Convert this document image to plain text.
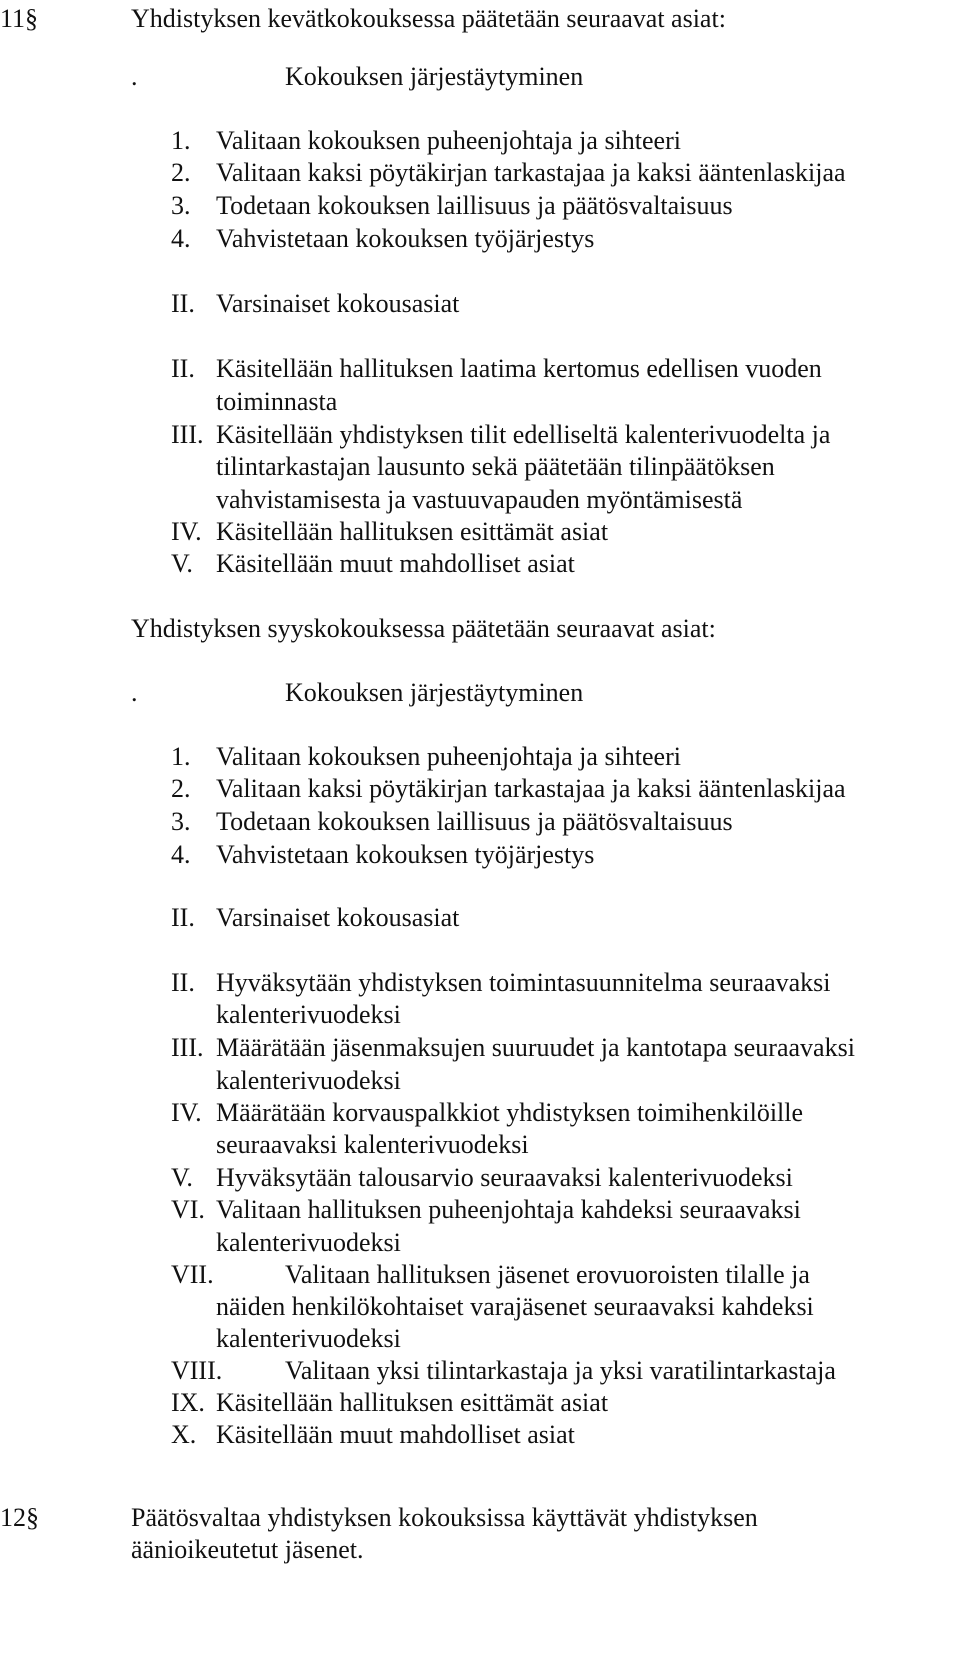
11§	Yhdistyksen kevätkokouksessa päätetään seuraavat asiat:
.	Kokouksen järjestäytyminen
1. Valitaan kokouksen puheenjohtaja ja sihteeri
2. Valitaan kaksi pöytäkirjan tarkastajaa ja kaksi ääntenlaskijaa
3. Todetaan kokouksen laillisuus ja päätösvaltaisuus
4. Vahvistetaan kokouksen työjärjestys
II. Varsinaiset kokousasiat
II. Käsitellään hallituksen laatima kertomus edellisen vuoden
toiminnasta
III. Käsitellään yhdistyksen tilit edelliseltä kalenterivuodelta ja
tilintarkastajan lausunto sekä päätetään tilinpäätöksen
vahvistamisesta ja vastuuvapauden myöntämisestä
IV. Käsitellään hallituksen esittämät asiat
V. Käsitellään muut mahdolliset asiat
Yhdistyksen syyskokouksessa päätetään seuraavat asiat:
.	Kokouksen järjestäytyminen
1. Valitaan kokouksen puheenjohtaja ja sihteeri
2. Valitaan kaksi pöytäkirjan tarkastajaa ja kaksi ääntenlaskijaa
3. Todetaan kokouksen laillisuus ja päätösvaltaisuus
4. Vahvistetaan kokouksen työjärjestys
II. Varsinaiset kokousasiat
II. Hyväksytään yhdistyksen toimintasuunnitelma seuraavaksi
kalenterivuodeksi
III. Määrätään jäsenmaksujen suuruudet ja kantotapa seuraavaksi
kalenterivuodeksi
IV. Määrätään korvauspalkkiot yhdistyksen toimihenkilöille
seuraavaksi kalenterivuodeksi
V. Hyväksytään talousarvio seuraavaksi kalenterivuodeksi
VI. Valitaan hallituksen puheenjohtaja kahdeksi seuraavaksi
kalenterivuodeksi
VII.	Valitaan hallituksen jäsenet erovuoroisten tilalle ja
näiden henkilökohtaiset varajäsenet seuraavaksi kahdeksi
kalenterivuodeksi
VIII. Valitaan yksi tilintarkastaja ja yksi varatilintarkastaja
IX. Käsitellään hallituksen esittämät asiat
X. Käsitellään muut mahdolliset asiat
12§	Päätösvaltaa yhdistyksen kokouksissa käyttävät yhdistyksen
äänioikeutetut jäsenet.
